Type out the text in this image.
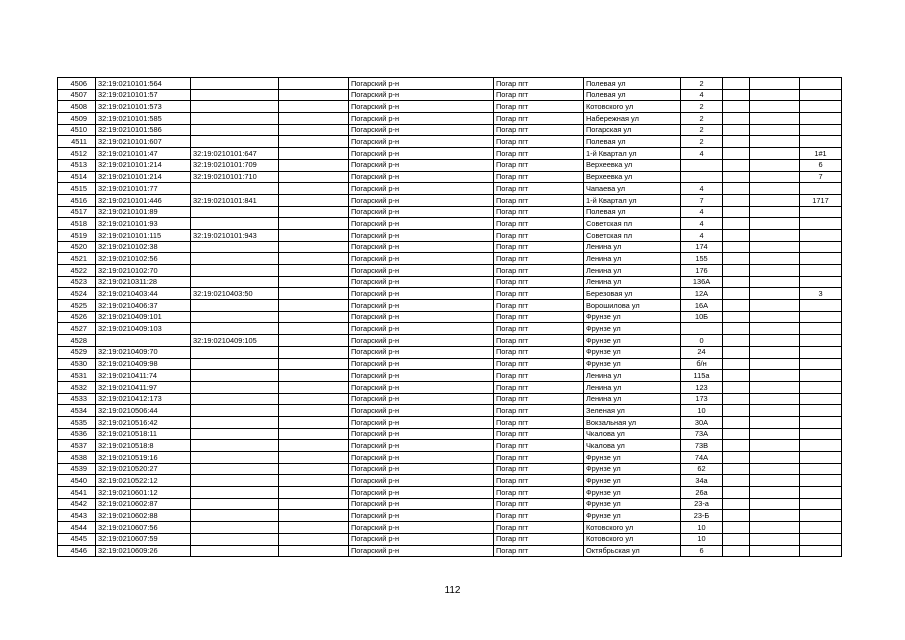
4506	32:19:0210101:564			Погарский р-н	Погар пгт	Полевая ул	2			
4507	32:19:0210101:57			Погарский р-н	Погар пгт	Полевая ул	4			
4508	32:19:0210101:573			Погарский р-н	Погар пгт	Котовского ул	2			
4509	32:19:0210101:585			Погарский р-н	Погар пгт	Набережная ул	2			
4510	32:19:0210101:586			Погарский р-н	Погар пгт	Погарская ул	2			
4511	32:19:0210101:607			Погарский р-н	Погар пгт	Полевая ул	2			
4512	32:19:0210101:47	32:19:0210101:647		Погарский р-н	Погар пгт	1-й Квартал ул	4			1#1
4513	32:19:0210101:214	32:19:0210101:709		Погарский р-н	Погар пгт	Верхеевка ул				6
4514	32:19:0210101:214	32:19:0210101:710		Погарский р-н	Погар пгт	Верхеевка ул				7
4515	32:19:0210101:77			Погарский р-н	Погар пгт	Чапаева ул	4			
4516	32:19:0210101:446	32:19:0210101:841		Погарский р-н	Погар пгт	1-й Квартал ул	7			1717
4517	32:19:0210101:89			Погарский р-н	Погар пгт	Полевая ул	4			
4518	32:19:0210101:93			Погарский р-н	Погар пгт	Советская пл	4			
4519	32:19:0210101:115	32:19:0210101:943		Погарский р-н	Погар пгт	Советская пл	4			
4520	32:19:0210102:38			Погарский р-н	Погар пгт	Ленина ул	174			
4521	32:19:0210102:56			Погарский р-н	Погар пгт	Ленина ул	155			
4522	32:19:0210102:70			Погарский р-н	Погар пгт	Ленина ул	176			
4523	32:19:0210311:28			Погарский р-н	Погар пгт	Ленина ул	136А			
4524	32:19:0210403:44	32:19:0210403:50		Погарский р-н	Погар пгт	Березовая ул	12А			3
4525	32:19:0210406:37			Погарский р-н	Погар пгт	Ворошилова ул	16А			
4526	32:19:0210409:101			Погарский р-н	Погар пгт	Фрунзе ул	10Б			
4527	32:19:0210409:103			Погарский р-н	Погар пгт	Фрунзе ул				
4528		32:19:0210409:105		Погарский р-н	Погар пгт	Фрунзе ул	0			
4529	32:19:0210409:70			Погарский р-н	Погар пгт	Фрунзе ул	24			
4530	32:19:0210409:98			Погарский р-н	Погар пгт	Фрунзе ул	б/н			
4531	32:19:0210411:74			Погарский р-н	Погар пгт	Ленина ул	115а			
4532	32:19:0210411:97			Погарский р-н	Погар пгт	Ленина ул	123			
4533	32:19:0210412:173			Погарский р-н	Погар пгт	Ленина ул	173			
4534	32:19:0210506:44			Погарский р-н	Погар пгт	Зеленая ул	10			
4535	32:19:0210516:42			Погарский р-н	Погар пгт	Вокзальная ул	30А			
4536	32:19:0210518:11			Погарский р-н	Погар пгт	Чкалова ул	73А			
4537	32:19:0210518:8			Погарский р-н	Погар пгт	Чкалова ул	73В			
4538	32:19:0210519:16			Погарский р-н	Погар пгт	Фрунзе ул	74А			
4539	32:19:0210520:27			Погарский р-н	Погар пгт	Фрунзе ул	62			
4540	32:19:0210522:12			Погарский р-н	Погар пгт	Фрунзе ул	34а			
4541	32:19:0210601:12			Погарский р-н	Погар пгт	Фрунзе ул	26а			
4542	32:19:0210602:87			Погарский р-н	Погар пгт	Фрунзе ул	23-а			
4543	32:19:0210602:88			Погарский р-н	Погар пгт	Фрунзе ул	23-Б			
4544	32:19:0210607:56			Погарский р-н	Погар пгт	Котовского ул	10			
4545	32:19:0210607:59			Погарский р-н	Погар пгт	Котовского ул	10			
4546	32:19:0210609:26			Погарский р-н	Погар пгт	Октябрьская ул	6			
112
